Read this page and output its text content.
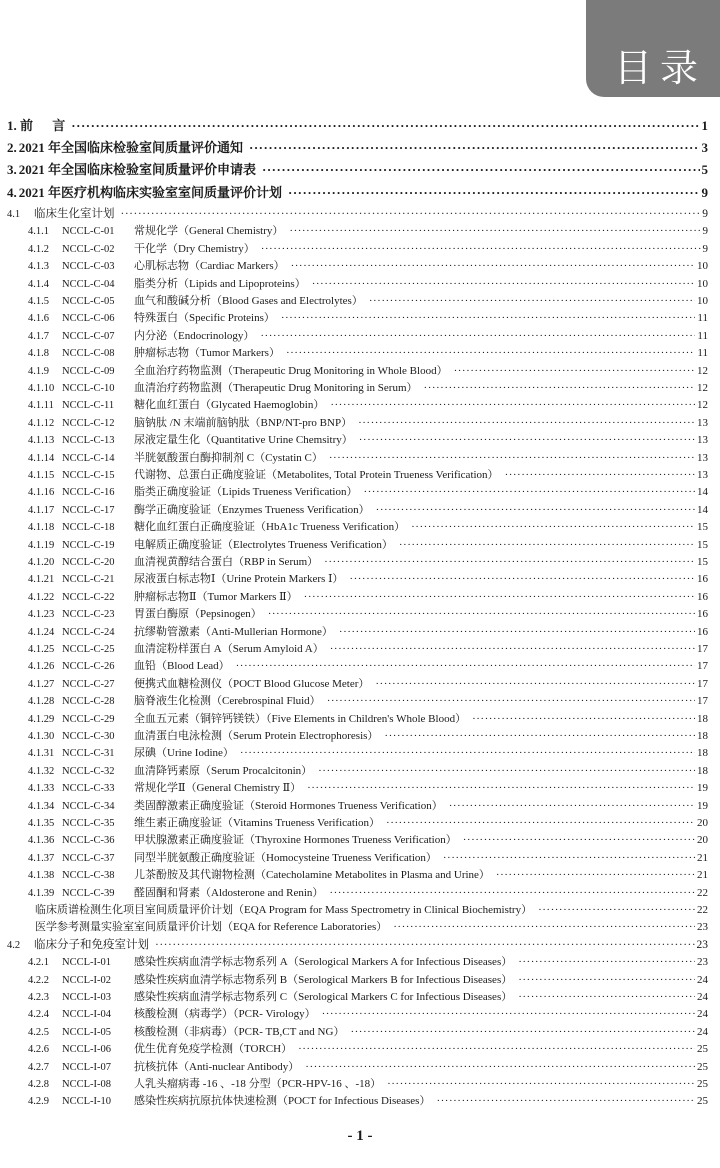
目录
1. 前 言 ·····	1
2. 2021 年全国临床检验室间质量评价通知 ·····	3
3. 2021 年全国临床检验室间质量评价申请表 ·····	5
4. 2021 年医疗机构临床实验室室间质量评价计划 ·····	9
4.1	临床生化室计划 ·····	9
4.1.1	NCCL-C-01	常规化学（General Chemistry） ·····	9
4.1.2	NCCL-C-02	干化学（Dry Chemistry） ·····	9
4.1.3	NCCL-C-03	心肌标志物（Cardiac Markers） ·····	10
4.1.4	NCCL-C-04	脂类分析（Lipids and Lipoproteins） ·····	10
4.1.5	NCCL-C-05	血气和酸碱分析（Blood Gases and Electrolytes） ·····	10
4.1.6	NCCL-C-06	特殊蛋白（Specific Proteins） ·····	11
4.1.7	NCCL-C-07	内分泌（Endocrinology） ·····	11
4.1.8	NCCL-C-08	肿瘤标志物（Tumor Markers） ·····	11
4.1.9	NCCL-C-09	全血治疗药物监测（Therapeutic Drug Monitoring in Whole Blood） ·····	12
4.1.10 NCCL-C-10	血清治疗药物监测（Therapeutic Drug Monitoring in Serum） ·····	12
4.1.11 NCCL-C-11	糖化血红蛋白（Glycated Haemoglobin） ·····	12
4.1.12 NCCL-C-12	脑钠肽 /N 末端前脑钠肽（BNP/NT-pro BNP） ·····	13
4.1.13 NCCL-C-13	尿液定量生化（Quantitative Urine Chemsitry） ·····	13
4.1.14 NCCL-C-14	半胱氨酸蛋白酶抑制剂 C（Cystatin C） ·····	13
4.1.15 NCCL-C-15	代谢物、总蛋白正确度验证（Metabolites, Total Protein Trueness Verification） ·····	13
4.1.16 NCCL-C-16	脂类正确度验证（Lipids Trueness Verification） ·····	14
4.1.17 NCCL-C-17	酶学正确度验证（Enzymes Trueness Verification） ·····	14
4.1.18 NCCL-C-18	糖化血红蛋白正确度验证（HbA1c Trueness Verification） ·····	15
4.1.19 NCCL-C-19	电解质正确度验证（Electrolytes Trueness Verification） ·····	15
4.1.20 NCCL-C-20	血清视黄醇结合蛋白（RBP in Serum） ·····	15
4.1.21 NCCL-C-21	尿液蛋白标志物Ⅰ（Urine Protein Markers Ⅰ） ·····	16
4.1.22 NCCL-C-22	肿瘤标志物Ⅱ（Tumor Markers Ⅱ） ·····	16
4.1.23 NCCL-C-23	胃蛋白酶原（Pepsinogen） ·····	16
4.1.24 NCCL-C-24	抗缪勒管激素（Anti-Mullerian Hormone） ·····	16
4.1.25 NCCL-C-25	血清淀粉样蛋白 A（Serum Amyloid A） ·····	17
4.1.26 NCCL-C-26	血铅（Blood Lead） ·····	17
4.1.27 NCCL-C-27	便携式血糖检测仪（POCT Blood Glucose Meter） ·····	17
4.1.28 NCCL-C-28	脑脊液生化检测（Cerebrospinal Fluid） ·····	17
4.1.29 NCCL-C-29	全血五元素（铜锌钙镁铁）（Five Elements in Children's Whole Blood） ·····	18
4.1.30 NCCL-C-30	血清蛋白电泳检测（Serum Protein Electrophoresis） ·····	18
4.1.31 NCCL-C-31	尿碘（Urine Iodine） ·····	18
4.1.32 NCCL-C-32	血清降钙素原（Serum Procalcitonin） ·····	18
4.1.33 NCCL-C-33	常规化学Ⅱ（General Chemistry Ⅱ） ·····	19
4.1.34 NCCL-C-34	类固醇激素正确度验证（Steroid Hormones Trueness Verification） ·····	19
4.1.35 NCCL-C-35	维生素正确度验证（Vitamins Trueness Verification） ·····	20
4.1.36 NCCL-C-36	甲状腺激素正确度验证（Thyroxine Hormones Trueness Verification） ·····	20
4.1.37 NCCL-C-37	同型半胱氨酸正确度验证（Homocysteine Trueness Verification） ·····	21
4.1.38 NCCL-C-38	儿茶酚胺及其代谢物检测（Catecholamine Metabolites in Plasma and Urine） ·····	21
4.1.39 NCCL-C-39	醛固酮和肾素（Aldosterone and Renin） ·····	22
临床质谱检测生化项目室间质量评价计划（EQA Program for Mass Spectrometry in Clinical Biochemistry） ·····	22
医学参考测量实验室室间质量评价计划（EQA for Reference Laboratories） ·····	23
4.2	临床分子和免疫室计划 ·····	23
4.2.1	NCCL-I-01	感染性疾病血清学标志物系列 A（Serological Markers A for Infectious Diseases） ·····	23
4.2.2	NCCL-I-02	感染性疾病血清学标志物系列 B（Serological Markers B for Infectious Diseases） ·····	24
4.2.3	NCCL-I-03	感染性疾病血清学标志物系列 C（Serological Markers C for Infectious Diseases） ·····	24
4.2.4	NCCL-I-04	核酸检测（病毒学）（PCR- Virology） ·····	24
4.2.5	NCCL-I-05	核酸检测（非病毒）（PCR- TB,CT and NG） ·····	24
4.2.6	NCCL-I-06	优生优育免疫学检测（TORCH） ·····	25
4.2.7	NCCL-I-07	抗核抗体（Anti-nuclear Antibody） ·····	25
4.2.8	NCCL-I-08	人乳头瘤病毒 -16 、-18 分型（PCR-HPV-16 、-18） ·····	25
4.2.9	NCCL-I-10	感染性疾病抗原抗体快速检测（POCT for Infectious Diseases） ·····	25
- 1 -
